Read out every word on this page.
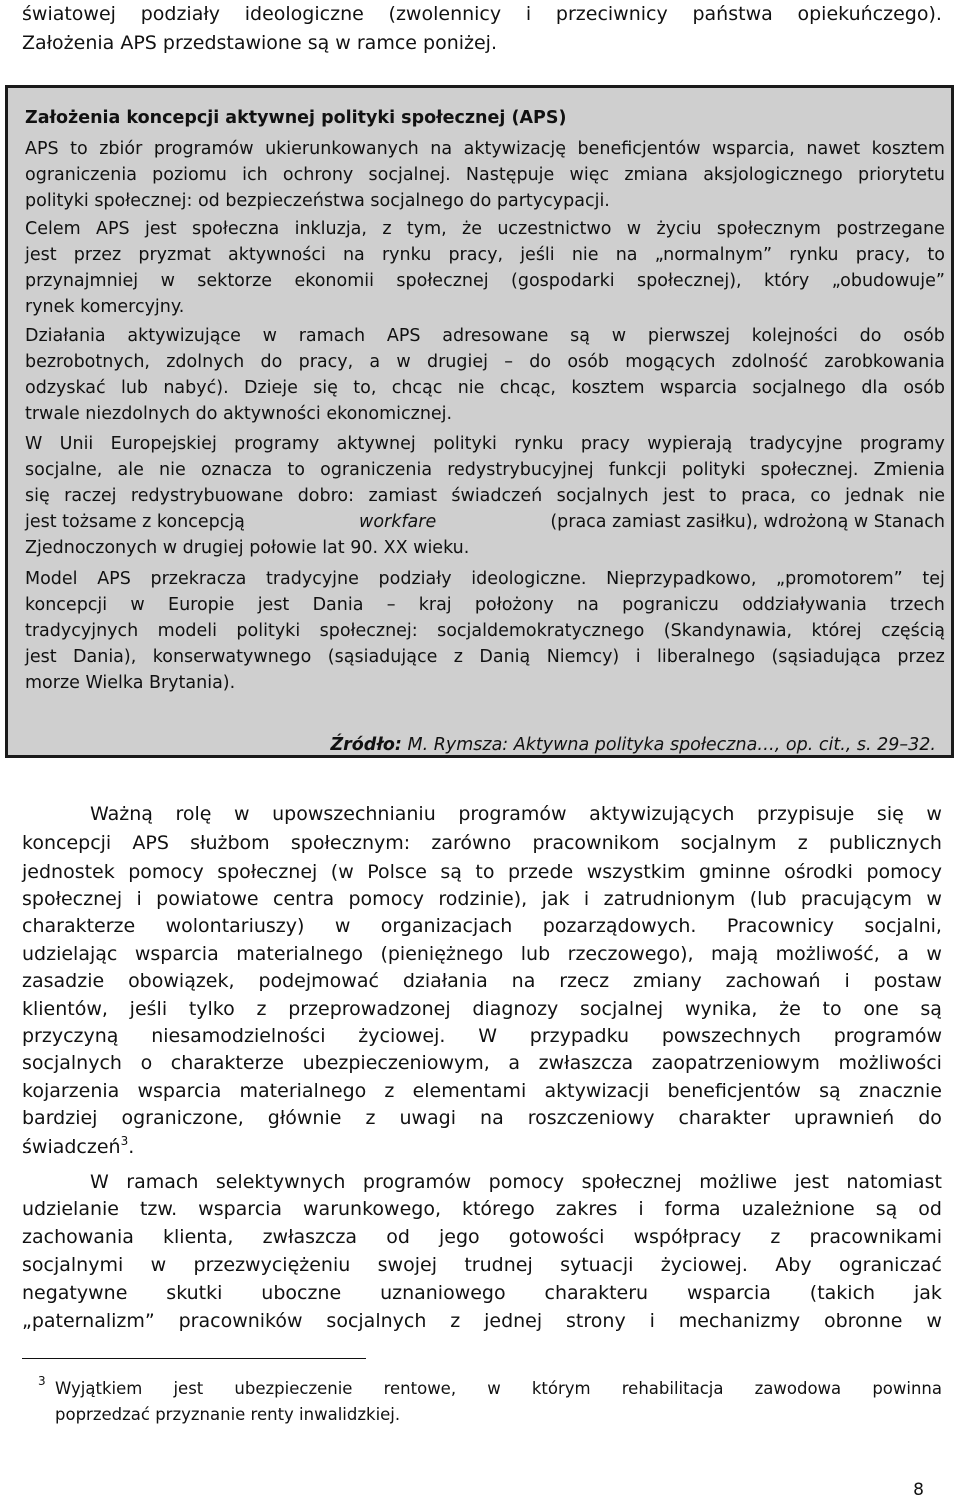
światowej podziały ideologiczne (zwolennicy i przeciwnicy państwa opiekuńczego).

Założenia APS przedstawione są w ramce poniżej.

Założenia koncepcji aktywnej polityki społecznej (APS)

APS to zbiór programów ukierunkowanych na aktywizację beneficjentów wsparcia, nawet kosztem

ograniczenia poziomu ich ochrony socjalnej. Następuje więc zmiana aksjologicznego priorytetu

polityki społecznej: od bezpieczeństwa socjalnego do partycypacji.

Celem APS jest społeczna inkluzja, z tym, że uczestnictwo w życiu społecznym postrzegane

jest przez pryzmat aktywności na rynku pracy, jeśli nie na „normalnym” rynku pracy, to

przynajmniej w sektorze ekonomii społecznej (gospodarki społecznej), który „obudowuje”

rynek komercyjny.

Działania aktywizujące w ramach APS adresowane są w pierwszej kolejności do osób

bezrobotnych, zdolnych do pracy, a w drugiej – do osób mogących zdolność zarobkowania

odzyskać lub nabyć). Dzieje się to, chcąc nie chcąc, kosztem wsparcia socjalnego dla osób

trwale niezdolnych do aktywności ekonomicznej.

W Unii Europejskiej programy aktywnej polityki rynku pracy wypierają tradycyjne programy

socjalne, ale nie oznacza to ograniczenia redystrybucyjnej funkcji polityki społecznej. Zmienia

się raczej redystrybuowane dobro: zamiast świadczeń socjalnych jest to praca, co jednak nie

jest tożsame z koncepcją	workfare	(praca zamiast zasiłku), wdrożoną w Stanach

Zjednoczonych w drugiej połowie lat 90. XX wieku.

Model APS przekracza tradycyjne podziały ideologiczne. Nieprzypadkowo, „promotorem” tej

koncepcji w Europie jest Dania – kraj położony na pograniczu oddziaływania trzech

tradycyjnych modeli polityki społecznej: socjaldemokratycznego (Skandynawia, której częścią

jest Dania), konserwatywnego (sąsiadujące z Danią Niemcy) i liberalnego (sąsiadująca przez

morze Wielka Brytania).

Źródło: M. Rymsza: Aktywna polityka społeczna…, op. cit., s. 29–32.

Ważną rolę w upowszechnianiu programów aktywizujących przypisuje się w

koncepcji APS służbom społecznym: zarówno pracownikom socjalnym z publicznych

jednostek pomocy społecznej (w Polsce są to przede wszystkim gminne ośrodki pomocy

społecznej i powiatowe centra pomocy rodzinie), jak i zatrudnionym (lub pracującym w

charakterze wolontariuszy) w organizacjach pozarządowych. Pracownicy socjalni,

udzielając wsparcia materialnego (pieniężnego lub rzeczowego), mają możliwość, a w

zasadzie obowiązek, podejmować działania na rzecz zmiany zachowań i postaw

klientów, jeśli tylko z przeprowadzonej diagnozy socjalnej wynika, że to one są

przyczyną niesamodzielności życiowej. W przypadku powszechnych programów

socjalnych o charakterze ubezpieczeniowym, a zwłaszcza zaopatrzeniowym możliwości

kojarzenia wsparcia materialnego z elementami aktywizacji beneficjentów są znacznie

bardziej ograniczone, głównie z uwagi na roszczeniowy charakter uprawnień do

świadczeń$^3$.

W ramach selektywnych programów pomocy społecznej możliwe jest natomiast

udzielanie tzw. wsparcia warunkowego, którego zakres i forma uzależnione są od

zachowania klienta, zwłaszcza od jego gotowości współpracy z pracownikami

socjalnymi w przezwyciężeniu swojej trudnej sytuacji życiowej. Aby ograniczać

negatywne skutki uboczne uznaniowego charakteru wsparcia (takich jak

„paternalizm” pracowników socjalnych z jednej strony i mechanizmy obronne w

3 Wyjątkiem jest ubezpieczenie rentowe, w którym rehabilitacja zawodowa powinna

poprzedzać przyznanie renty inwalidzkiej.

8
